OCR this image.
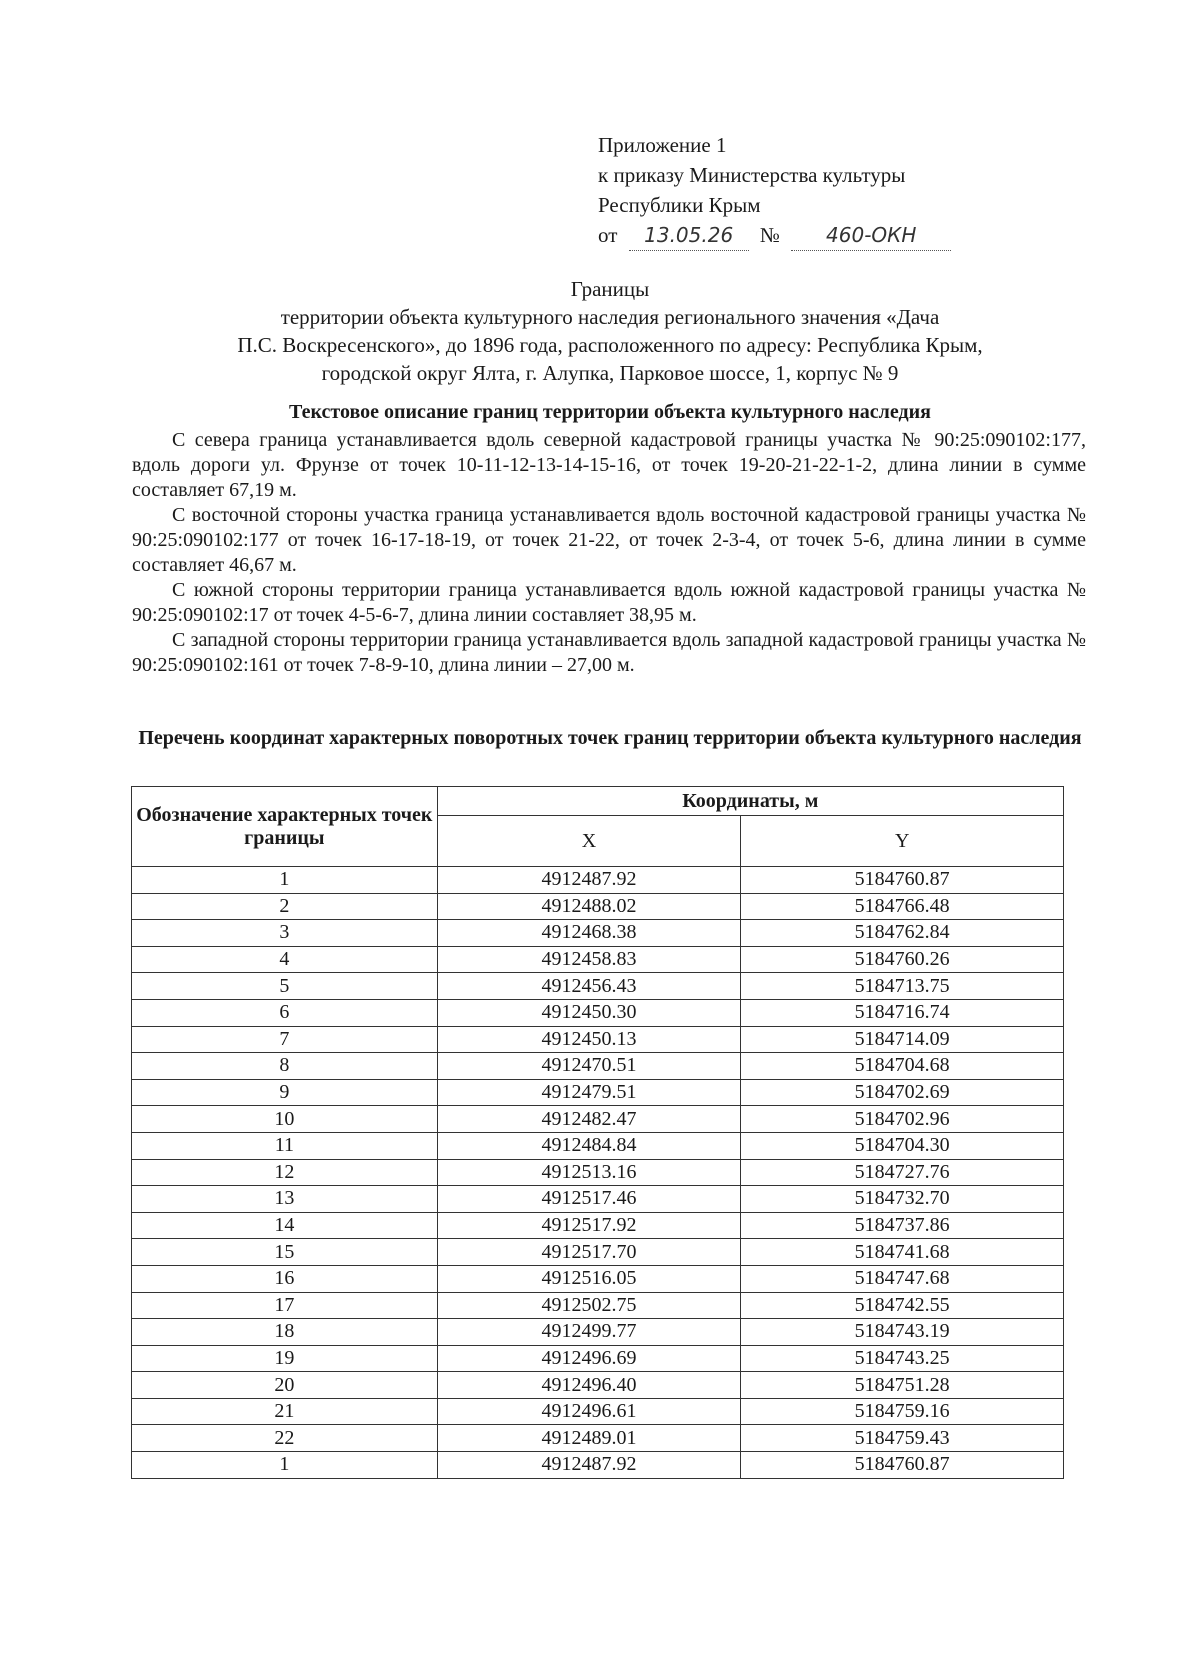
Приложение 1
к приказу Министерства культуры
Республики Крым
от 13.05.26 № 460-ОКН
Границы
территории объекта культурного наследия регионального значения «Дача
П.С. Воскресенского», до 1896 года, расположенного по адресу: Республика Крым,
городской округ Ялта, г. Алупка, Парковое шоссе, 1, корпус № 9
Текстовое описание границ территории объекта культурного наследия

С севера граница устанавливается вдоль северной кадастровой границы участка № 90:25:090102:177, вдоль дороги ул. Фрунзе от точек 10-11-12-13-14-15-16, от точек 19-20-21-22-1-2, длина линии в сумме составляет 67,19 м.

С восточной стороны участка граница устанавливается вдоль восточной кадастровой границы участка № 90:25:090102:177 от точек 16-17-18-19, от точек 21-22, от точек 2-3-4, от точек 5-6, длина линии в сумме составляет 46,67 м.

С южной стороны территории граница устанавливается вдоль южной кадастровой границы участка № 90:25:090102:17 от точек 4-5-6-7, длина линии составляет 38,95 м.

С западной стороны территории граница устанавливается вдоль западной кадастровой границы участка № 90:25:090102:161 от точек 7-8-9-10, длина линии – 27,00 м.

Перечень координат характерных поворотных точек границ территории объекта культурного наследия
Обозначение характерных точек границы	Координаты, м	
	X	Y
1	4912487.92	5184760.87
2	4912488.02	5184766.48
3	4912468.38	5184762.84
4	4912458.83	5184760.26
5	4912456.43	5184713.75
6	4912450.30	5184716.74
7	4912450.13	5184714.09
8	4912470.51	5184704.68
9	4912479.51	5184702.69
10	4912482.47	5184702.96
11	4912484.84	5184704.30
12	4912513.16	5184727.76
13	4912517.46	5184732.70
14	4912517.92	5184737.86
15	4912517.70	5184741.68
16	4912516.05	5184747.68
17	4912502.75	5184742.55
18	4912499.77	5184743.19
19	4912496.69	5184743.25
20	4912496.40	5184751.28
21	4912496.61	5184759.16
22	4912489.01	5184759.43
1	4912487.92	5184760.87
